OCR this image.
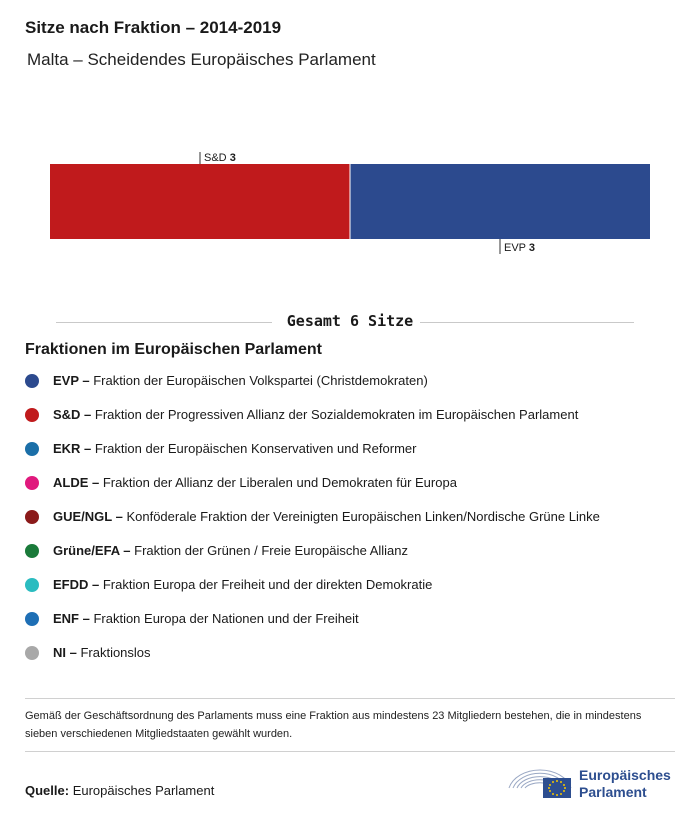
Sitze nach Fraktion – 2014-2019
Malta – Scheidendes Europäisches Parlament
S&D 3
EVP 3
Gesamt 6 Sitze
Fraktionen im Europäischen Parlament
EVP – Fraktion der Europäischen Volkspartei (Christdemokraten)
S&D – Fraktion der Progressiven Allianz der Sozialdemokraten im Europäischen Parlament
EKR – Fraktion der Europäischen Konservativen und Reformer
ALDE – Fraktion der Allianz der Liberalen und Demokraten für Europa
GUE/NGL – Konföderale Fraktion der Vereinigten Europäischen Linken/Nordische Grüne Linke
Grüne/EFA – Fraktion der Grünen / Freie Europäische Allianz
EFDD – Fraktion Europa der Freiheit und der direkten Demokratie
ENF – Fraktion Europa der Nationen und der Freiheit
NI – Fraktionslos

Gemäß der Geschäftsordnung des Parlaments muss eine Fraktion aus mindestens 23 Mitgliedern bestehen, die in mindestens sieben verschiedenen Mitgliedstaaten gewählt wurden.

Quelle: Europäisches Parlament
Europäisches
Parlament
